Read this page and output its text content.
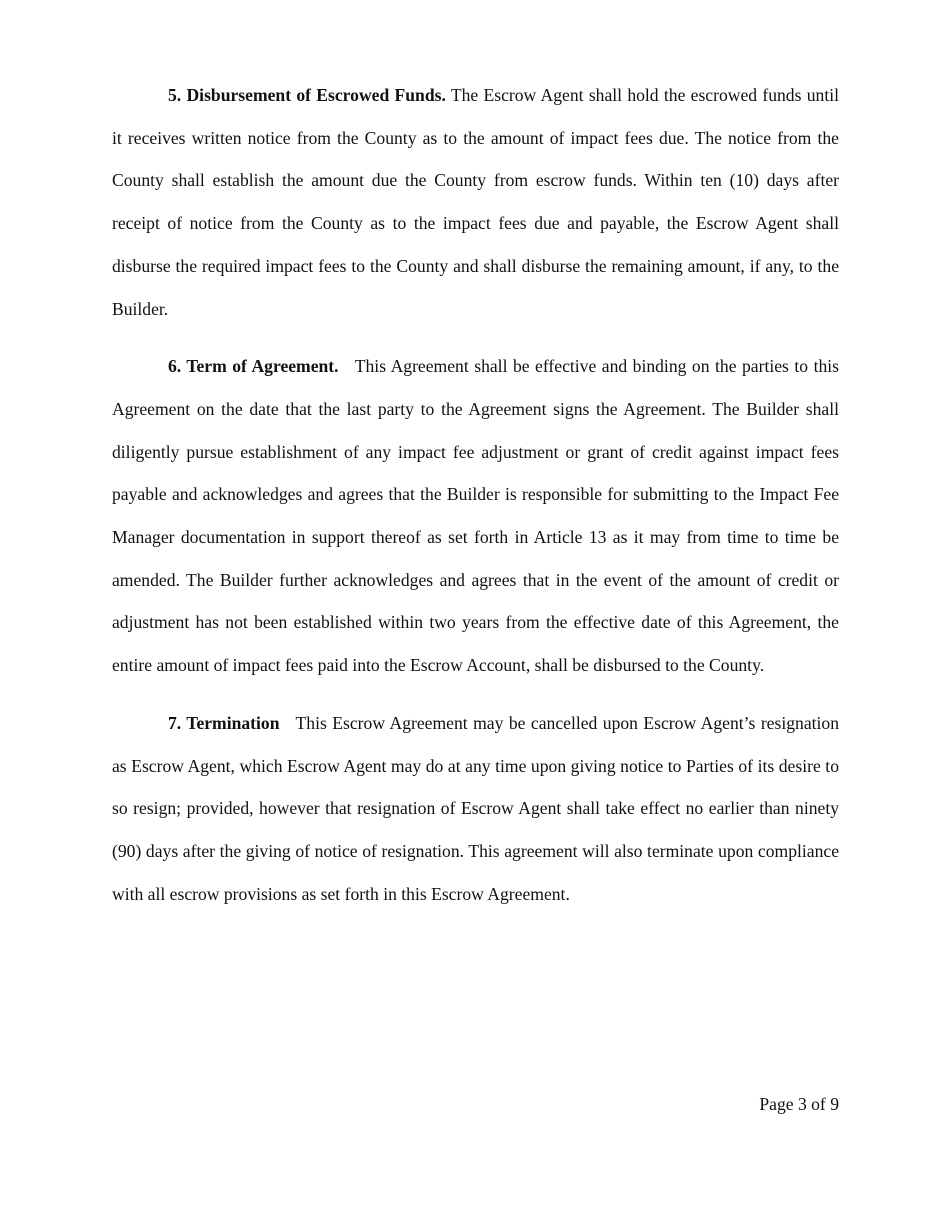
5. Disbursement of Escrowed Funds. The Escrow Agent shall hold the escrowed funds until it receives written notice from the County as to the amount of impact fees due. The notice from the County shall establish the amount due the County from escrow funds. Within ten (10) days after receipt of notice from the County as to the impact fees due and payable, the Escrow Agent shall disburse the required impact fees to the County and shall disburse the remaining amount, if any, to the Builder.

6. Term of Agreement. This Agreement shall be effective and binding on the parties to this Agreement on the date that the last party to the Agreement signs the Agreement. The Builder shall diligently pursue establishment of any impact fee adjustment or grant of credit against impact fees payable and acknowledges and agrees that the Builder is responsible for submitting to the Impact Fee Manager documentation in support thereof as set forth in Article 13 as it may from time to time be amended. The Builder further acknowledges and agrees that in the event of the amount of credit or adjustment has not been established within two years from the effective date of this Agreement, the entire amount of impact fees paid into the Escrow Account, shall be disbursed to the County.

7. Termination This Escrow Agreement may be cancelled upon Escrow Agent’s resignation as Escrow Agent, which Escrow Agent may do at any time upon giving notice to Parties of its desire to so resign; provided, however that resignation of Escrow Agent shall take effect no earlier than ninety (90) days after the giving of notice of resignation. This agreement will also terminate upon compliance with all escrow provisions as set forth in this Escrow Agreement.

Page 3 of 9
